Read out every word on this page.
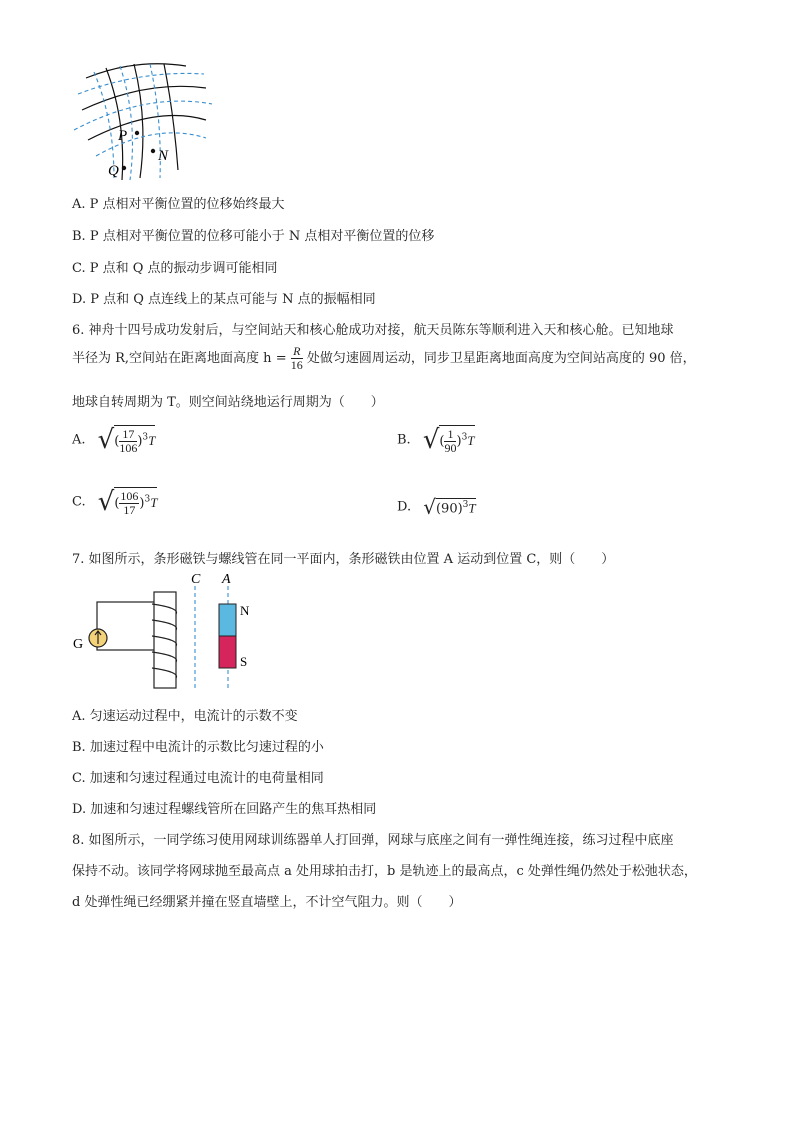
P
N
Q
A. P 点相对平衡位置的位移始终最大
B. P 点相对平衡位置的位移可能小于 N 点相对平衡位置的位移
C. P 点和 Q 点的振动步调可能相同
D. P 点和 Q 点连线上的某点可能与 N 点的振幅相同
6. 神舟十四号成功发射后，与空间站天和核心舱成功对接，航天员陈东等顺利进入天和核心舱。已知地球
半径为 R,空间站在距离地面高度 $h = \frac{R}{16}$ 处做匀速圆周运动，同步卫星距离地面高度为空间站高度的 90 倍，
地球自转周期为 T。则空间站绕地运行周期为（　　）
A. √( $\frac{17}{106} )^3T$	B. √( $\frac{1}{90} )^3T$
C. √( $\frac{106}{17} )^3T$	D. $√(90)^3T$
7. 如图所示，条形磁铁与螺线管在同一平面内，条形磁铁由位置 A 运动到位置 C，则（　　）
G
C A
N
S
A. 匀速运动过程中，电流计的示数不变
B. 加速过程中电流计的示数比匀速过程的小
C. 加速和匀速过程通过电流计的电荷量相同
D. 加速和匀速过程螺线管所在回路产生的焦耳热相同
8. 如图所示，一同学练习使用网球训练器单人打回弹，网球与底座之间有一弹性绳连接，练习过程中底座
保持不动。该同学将网球抛至最高点 a 处用球拍击打，b 是轨迹上的最高点，c 处弹性绳仍然处于松弛状态，
d 处弹性绳已经绷紧并撞在竖直墙壁上，不计空气阻力。则（　　）
